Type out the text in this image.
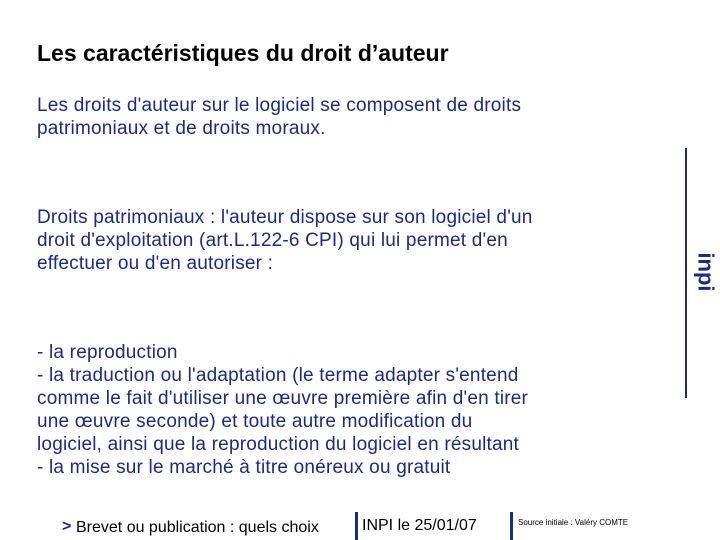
Les caractéristiques du droit d’auteur
Les droits d'auteur sur le logiciel se composent de droits
patrimoniaux et de droits moraux.
Droits patrimoniaux : l'auteur dispose sur son logiciel d'un
droit d'exploitation (art.L.122-6 CPI) qui lui permet d'en
effectuer ou d'en autoriser :
- la reproduction
- la traduction ou l'adaptation (le terme adapter s'entend
comme le fait d'utiliser une œuvre première afin d'en tirer
une œuvre seconde) et toute autre modification du
logiciel, ainsi que la reproduction du logiciel en résultant
- la mise sur le marché à titre onéreux ou gratuit
inpi
> Brevet ou publication : quels choix	INPI le 25/01/07	Source initiale : Valéry COMTE
